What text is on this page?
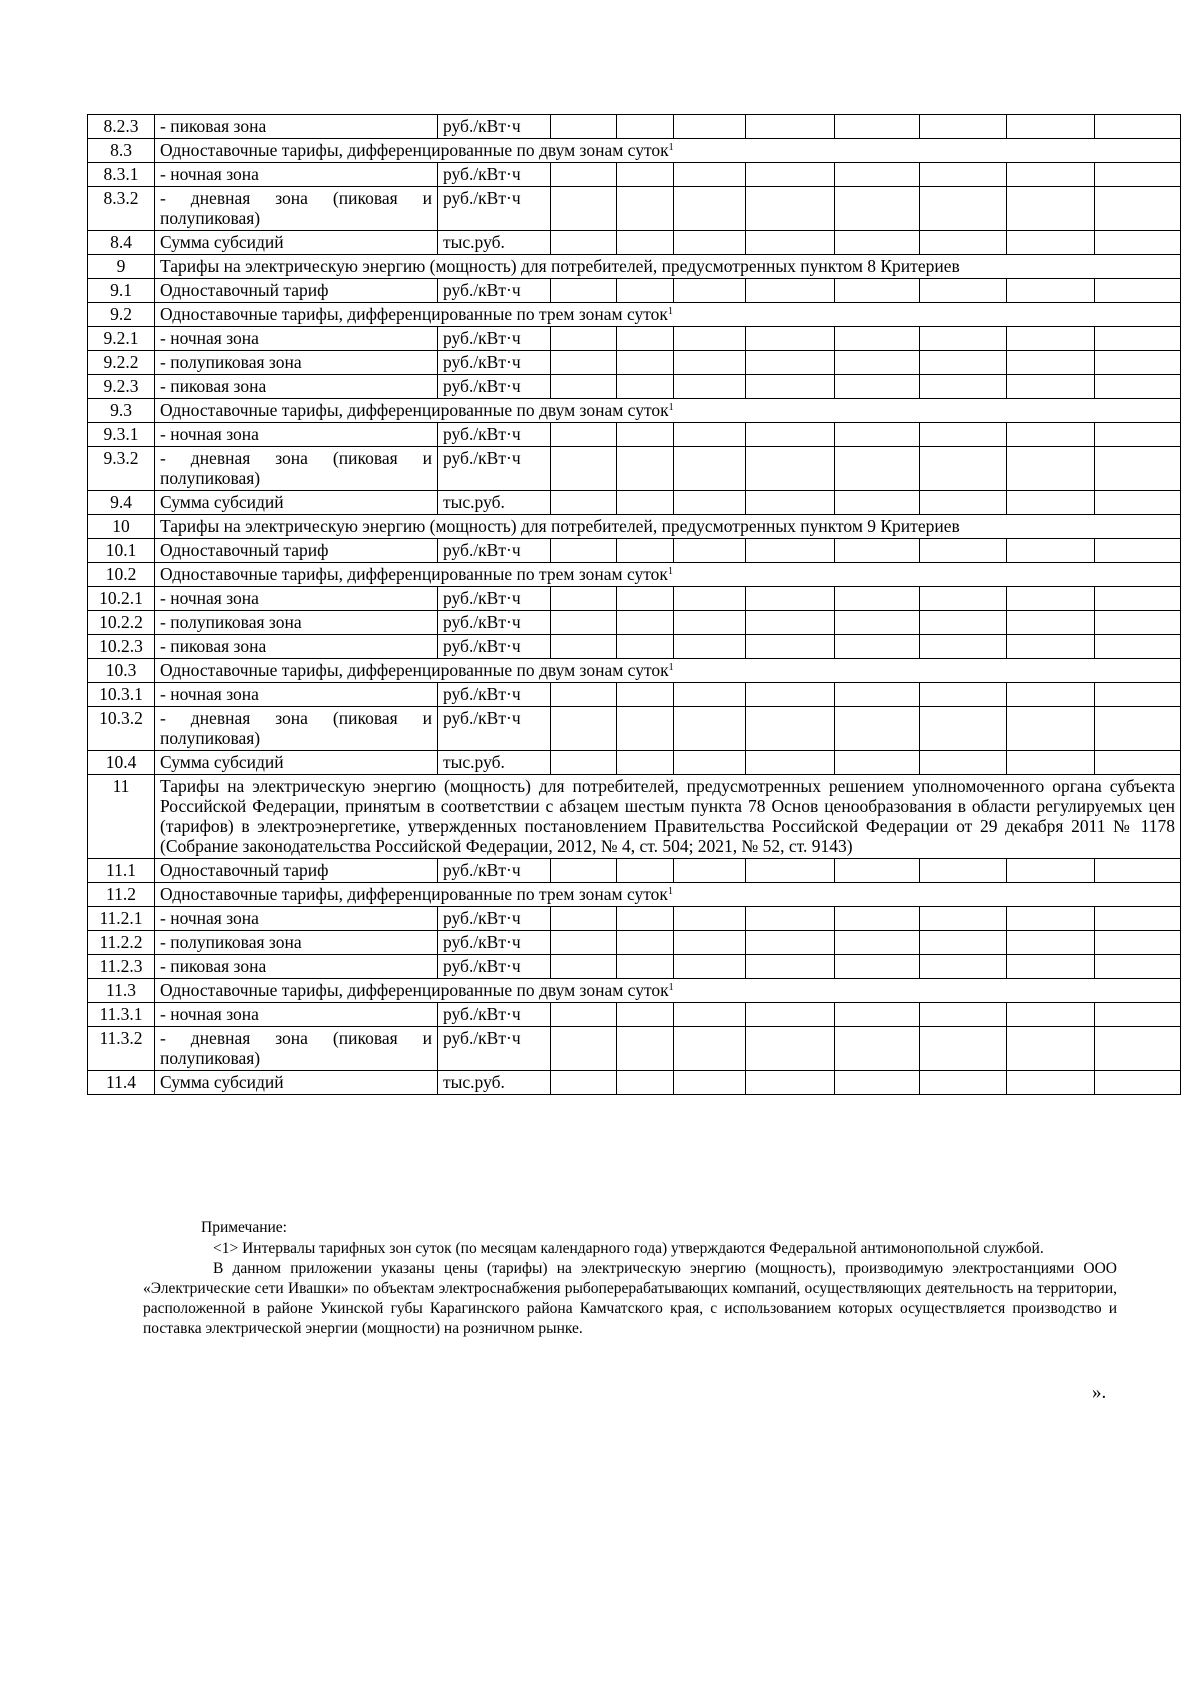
8.2.3	- пиковая зона	руб./кВт·ч								
8.3	Одноставочные тарифы, дифференцированные по двум зонам суток$^1$
8.3.1	- ночная зона	руб./кВт·ч								
8.3.2	- дневная зона (пиковая и полупиковая)	руб./кВт·ч								
8.4	Сумма субсидий	тыс.руб.								
9	Тарифы на электрическую энергию (мощность) для потребителей, предусмотренных пунктом 8 Критериев									
9.1	Одноставочный тариф	руб./кВт·ч								
9.2	Одноставочные тарифы, дифференцированные по трем зонам суток$^1$
9.2.1	- ночная зона	руб./кВт·ч								
9.2.2	- полупиковая зона	руб./кВт·ч								
9.2.3	- пиковая зона	руб./кВт·ч								
9.3	Одноставочные тарифы, дифференцированные по двум зонам суток$^1$
9.3.1	- ночная зона	руб./кВт·ч								
9.3.2	- дневная зона (пиковая и полупиковая)	руб./кВт·ч								
9.4	Сумма субсидий	тыс.руб.								
10	Тарифы на электрическую энергию (мощность) для потребителей, предусмотренных пунктом 9 Критериев									
10.1	Одноставочный тариф	руб./кВт·ч								
10.2	Одноставочные тарифы, дифференцированные по трем зонам суток$^1$
10.2.1	- ночная зона	руб./кВт·ч								
10.2.2	- полупиковая зона	руб./кВт·ч								
10.2.3	- пиковая зона	руб./кВт·ч								
10.3	Одноставочные тарифы, дифференцированные по двум зонам суток$^1$
10.3.1	- ночная зона	руб./кВт·ч								
10.3.2	- дневная зона (пиковая и полупиковая)	руб./кВт·ч								
10.4	Сумма субсидий	тыс.руб.								
11	Тарифы на электрическую энергию (мощность) для потребителей, предусмотренных решением уполномоченного органа субъекта Российской Федерации, принятым в соответствии с абзацем шестым пункта 78 Основ ценообразования в области регулируемых цен (тарифов) в электроэнергетике, утвержденных постановлением Правительства Российской Федерации от 29 декабря 2011 № 1178 (Собрание законодательства Российской Федерации, 2012, № 4, ст. 504; 2021, № 52, ст. 9143)									
11.1	Одноставочный тариф	руб./кВт·ч								
11.2	Одноставочные тарифы, дифференцированные по трем зонам суток$^1$
11.2.1	- ночная зона	руб./кВт·ч								
11.2.2	- полупиковая зона	руб./кВт·ч								
11.2.3	- пиковая зона	руб./кВт·ч								
11.3	Одноставочные тарифы, дифференцированные по двум зонам суток$^1$
11.3.1	- ночная зона	руб./кВт·ч								
11.3.2	- дневная зона (пиковая и полупиковая)	руб./кВт·ч								
11.4	Сумма субсидий	тыс.руб.								

Примечание:

<1> Интервалы тарифных зон суток (по месяцам календарного года) утверждаются Федеральной антимонопольной службой.

В данном приложении указаны цены (тарифы) на электрическую энергию (мощность), производимую электростанциями ООО «Электрические сети Ивашки» по объектам электроснабжения рыбоперерабатывающих компаний, осуществляющих деятельность на территории, расположенной в районе Укинской губы Карагинского района Камчатского края, с использованием которых осуществляется производство и поставка электрической энергии (мощности) на розничном рынке.

».
